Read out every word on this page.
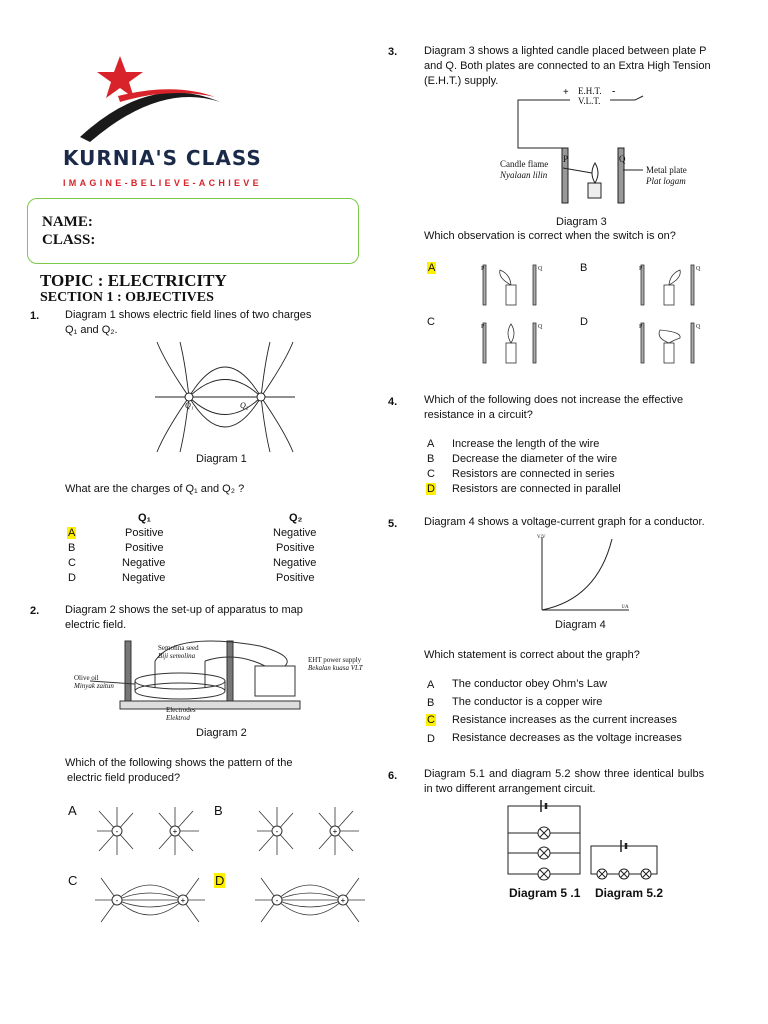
KURNIA'S CLASS
IMAGINE-BELIEVE-ACHIEVE
NAME:
CLASS:
TOPIC : ELECTRICITY
SECTION 1 : OBJECTIVES
1. Diagram 1 shows electric field lines of two charges
Q₁ and Q₂.
Q₁	Q₂
Diagram 1
What are the charges of Q₁ and Q₂ ?
Q₁	Q₂
A	Positive	Negative
B	Positive	Positive
C	Negative	Negative
D	Negative	Positive
2. Diagram 2 shows the set-up of apparatus to map
electric field.
Semolina seed
Biji semolina
Olive oil
Minyak zaitun
Electrodes
Elektrod
EHT power supply
Bekalan kuasa VLT
Diagram 2
Which of the following shows the pattern of the
electric field produced?
A	B
C	D
-	+	-	+
-	+	-	+
3. Diagram 3 shows a lighted candle placed between plate P
and Q. Both plates are connected to an Extra High Tension
(E.H.T.) supply.
+ E.H.T.
V.L.T.
-
P	Q
Candle flame
Nyalaan lilin	Metal plate
Plat logam
Diagram 3
Which observation is correct when the switch is on?
A	B
C	D
P	Q	P	Q
P	Q	P	Q
4. Which of the following does not increase the effective
resistance in a circuit?
A Increase the length of the wire
B Decrease the diameter of the wire
C Resistors are connected in series
D Resistors are connected in parallel
5. Diagram 4 shows a voltage-current graph for a conductor.
V/V
I/A
Diagram 4
Which statement is correct about the graph?
A The conductor obey Ohm’s Law
B The conductor is a copper wire
C Resistance increases as the current increases
D Resistance decreases as the voltage increases
6. Diagram 5.1 and diagram 5.2 show three identical bulbs
in two different arrangement circuit.
Diagram 5 .1 Diagram 5.2
